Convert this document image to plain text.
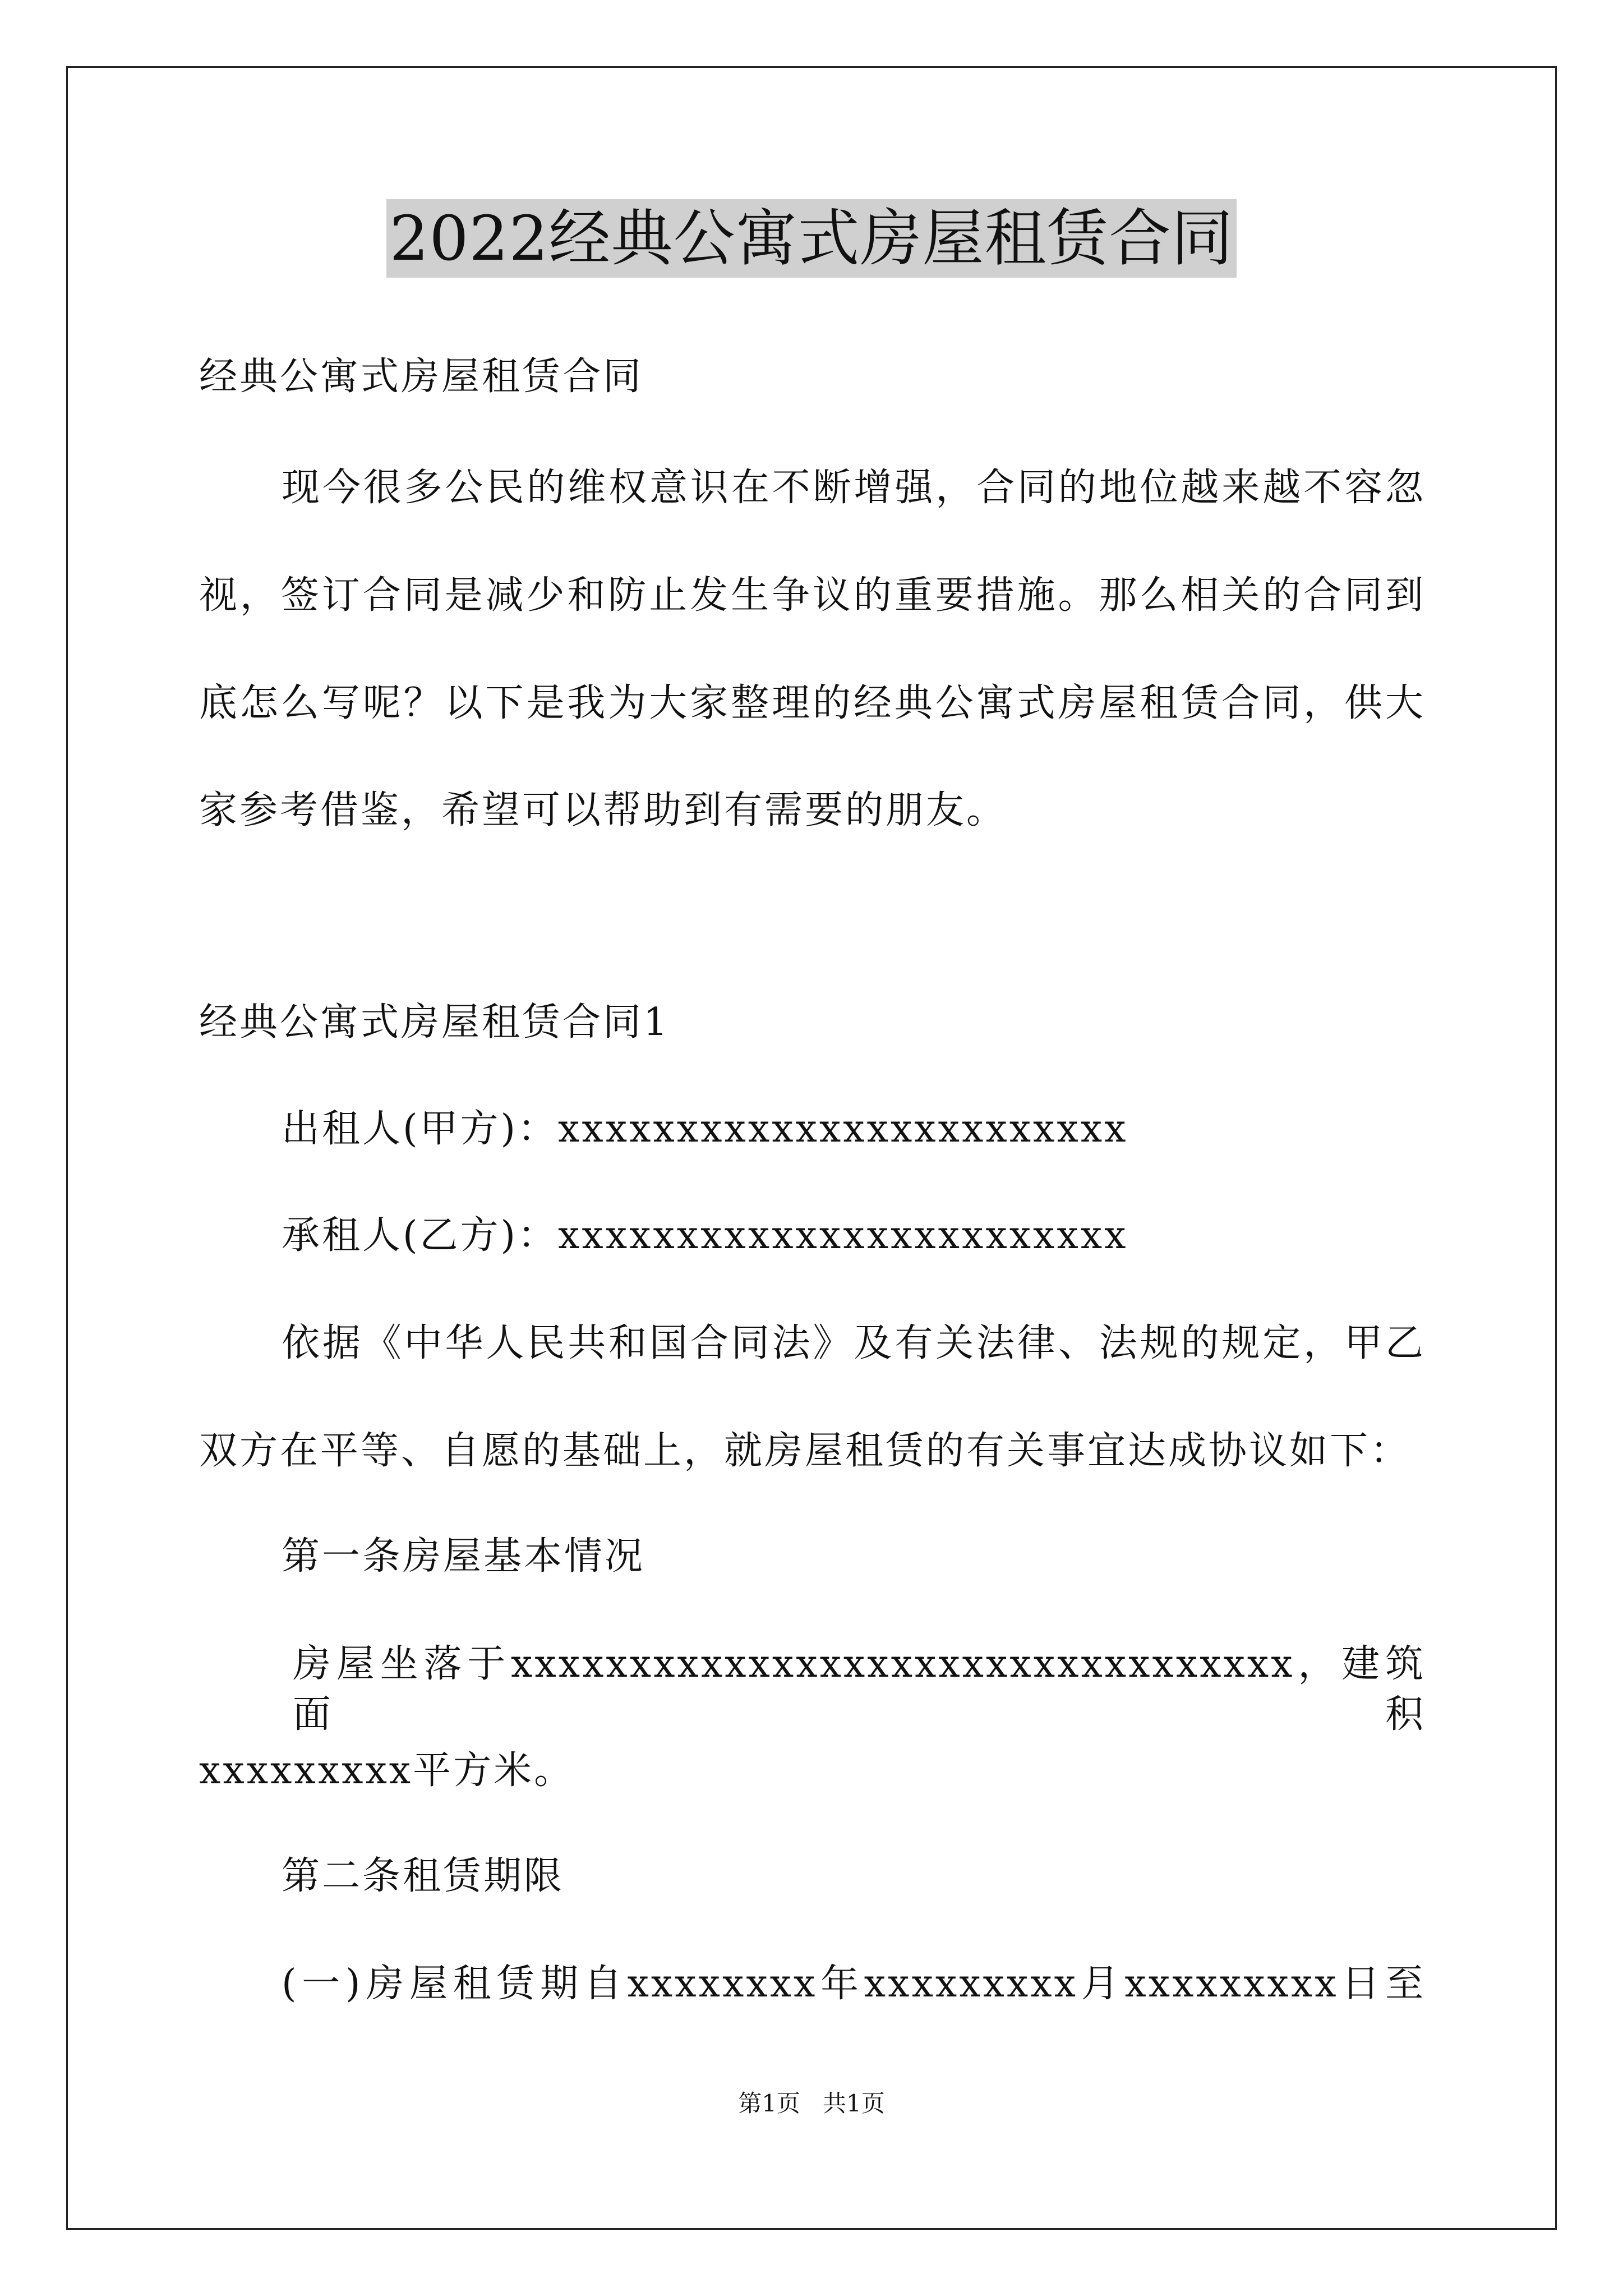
2022经典公寓式房屋租赁合同
经典公寓式房屋租赁合同
现今很多公民的维权意识在不断增强，合同的地位越来越不容忽
视，签订合同是减少和防止发生争议的重要措施。那么相关的合同到
底怎么写呢？以下是我为大家整理的经典公寓式房屋租赁合同，供大
家参考借鉴，希望可以帮助到有需要的朋友。
经典公寓式房屋租赁合同1
出租人(甲方)：xxxxxxxxxxxxxxxxxxxxxxxx
承租人(乙方)：xxxxxxxxxxxxxxxxxxxxxxxx
依据《中华人民共和国合同法》及有关法律、法规的规定，甲乙
双方在平等、自愿的基础上，就房屋租赁的有关事宜达成协议如下：
第一条房屋基本情况
房屋坐落于xxxxxxxxxxxxxxxxxxxxxxxxxxxxxxxxx，建筑面积
xxxxxxxxx平方米。
第二条租赁期限
(一)房屋租赁期自xxxxxxxx年xxxxxxxxx月xxxxxxxxx日至
第1页 共1页
